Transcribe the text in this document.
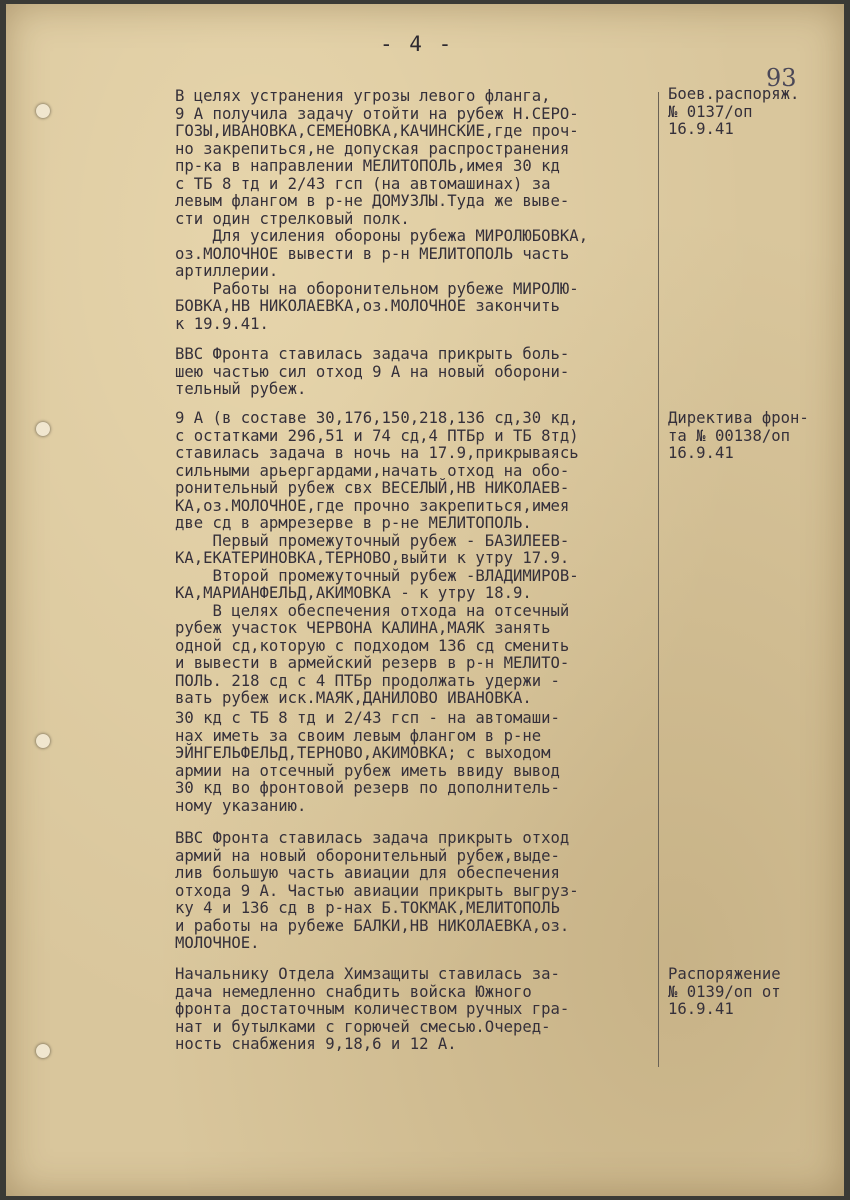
- 4 -
93

В целях устранения угрозы левого фланга,

9 А получила задачу отойти на рубеж Н.СЕРО-

ГОЗЫ,ИВАНОВКА,СЕМЕНОВКА,КАЧИНСКИЕ,где проч-

но закрепиться,не допуская распространения

пр-ка в направлении МЕЛИТОПОЛЬ,имея 30 кд

с ТБ 8 тд и 2/43 гсп (на автомашинах) за

левым флангом в р-не ДОМУЗЛЫ.Туда же выве-

сти один стрелковый полк.

Для усиления обороны рубежа МИРОЛЮБОВКА,

оз.МОЛОЧНОЕ вывести в р-н МЕЛИТОПОЛЬ часть

артиллерии.

Работы на оборонительном рубеже МИРОЛЮ-

БОВКА,НВ НИКОЛАЕВКА,оз.МОЛОЧНОЕ закончить

к 19.9.41.

ВВС Фронта ставилась задача прикрыть боль-

шею частью сил отход 9 А на новый оборони-

тельный рубеж.

9 А (в составе 30,176,150,218,136 сд,30 кд,

с остатками 296,51 и 74 сд,4 ПТБр и ТБ 8тд)

ставилась задача в ночь на 17.9,прикрываясь

сильными арьергардами,начать отход на обо-

ронительный рубеж свх ВЕСЕЛЫЙ,НВ НИКОЛАЕВ-

КА,оз.МОЛОЧНОЕ,где прочно закрепиться,имея

две сд в армрезерве в р-не МЕЛИТОПОЛЬ.

Первый промежуточный рубеж - БАЗИЛЕЕВ-

КА,ЕКАТЕРИНОВКА,ТЕРНОВО,выйти к утру 17.9.

Второй промежуточный рубеж -ВЛАДИМИРОВ-

КА,МАРИАНФЕЛЬД,АКИМОВКА - к утру 18.9.

В целях обеспечения отхода на отсечный

рубеж участок ЧЕРВОНА КАЛИНА,МАЯК занять

одной сд,которую с подходом 136 сд сменить

и вывести в армейский резерв в р-н МЕЛИТО-

ПОЛЬ. 218 сд с 4 ПТБр продолжать удержи -

вать рубеж иск.МАЯК,ДАНИЛОВО ИВАНОВКА.

30 кд с ТБ 8 тд и 2/43 гсп - на автомаши-

нах иметь за своим левым флангом в р-не

ЭЙНГЕЛЬФЕЛЬД,ТЕРНОВО,АКИМОВКА; с выходом

армии на отсечный рубеж иметь ввиду вывод

30 кд во фронтовой резерв по дополнитель-

ному указанию.

ВВС Фронта ставилась задача прикрыть отход

армий на новый оборонительный рубеж,выде-

лив большую часть авиации для обеспечения

отхода 9 А. Частью авиации прикрыть выгруз-

ку 4 и 136 сд в р-нах Б.ТОКМАК,МЕЛИТОПОЛЬ

и работы на рубеже БАЛКИ,НВ НИКОЛАЕВКА,оз.

МОЛОЧНОЕ.

Начальнику Отдела Химзащиты ставилась за-

дача немедленно снабдить войска Южного

фронта достаточным количеством ручных гра-

нат и бутылками с горючей смесью.Очеред-

ность снабжения 9,18,6 и 12 А.

Боев.распоряж.

№ 0137/оп

16.9.41

Директива фрон-

та № 00138/оп

16.9.41

Распоряжение

№ 0139/оп от

16.9.41
